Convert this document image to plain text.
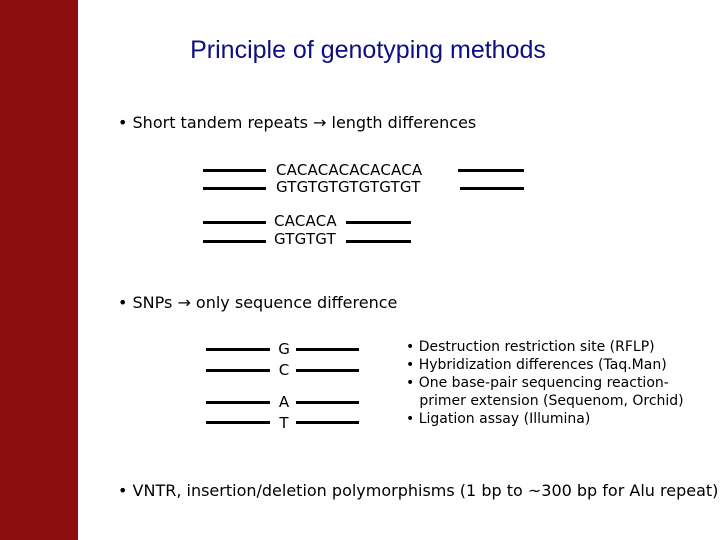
Principle of genotyping methods
• Short tandem repeats → length differences
CACACACACACACA
GTGTGTGTGTGTGT
CACACA
GTGTGT
• SNPs → only sequence difference
G
C
A
T
• Destruction restriction site (RFLP)
• Hybridization differences (Taq.Man)
• One base-pair sequencing reaction-
primer extension (Sequenom, Orchid)
• Ligation assay (Illumina)
• VNTR, insertion/deletion polymorphisms (1 bp to ~300 bp for Alu repeat)
